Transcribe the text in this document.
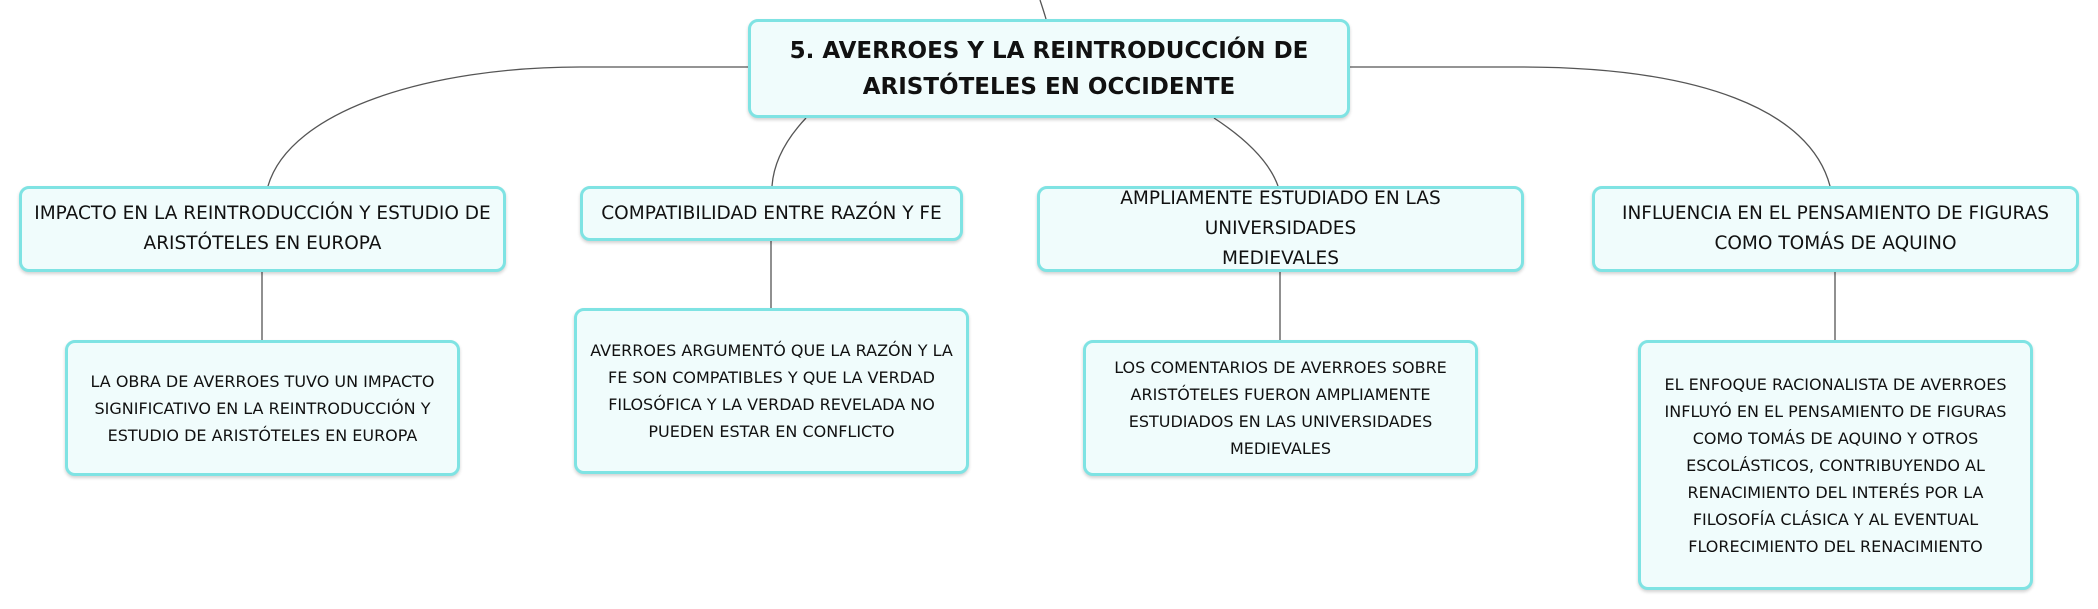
5. AVERROES Y LA REINTRODUCCIÓN DE
ARISTÓTELES EN OCCIDENTE
IMPACTO EN LA REINTRODUCCIÓN Y ESTUDIO DE
ARISTÓTELES EN EUROPA
COMPATIBILIDAD ENTRE RAZÓN Y FE
AMPLIAMENTE ESTUDIADO EN LAS UNIVERSIDADES
MEDIEVALES
INFLUENCIA EN EL PENSAMIENTO DE FIGURAS
COMO TOMÁS DE AQUINO
LA OBRA DE AVERROES TUVO UN IMPACTO
SIGNIFICATIVO EN LA REINTRODUCCIÓN Y
ESTUDIO DE ARISTÓTELES EN EUROPA
AVERROES ARGUMENTÓ QUE LA RAZÓN Y LA
FE SON COMPATIBLES Y QUE LA VERDAD
FILOSÓFICA Y LA VERDAD REVELADA NO
PUEDEN ESTAR EN CONFLICTO
LOS COMENTARIOS DE AVERROES SOBRE
ARISTÓTELES FUERON AMPLIAMENTE
ESTUDIADOS EN LAS UNIVERSIDADES
MEDIEVALES
EL ENFOQUE RACIONALISTA DE AVERROES
INFLUYÓ EN EL PENSAMIENTO DE FIGURAS
COMO TOMÁS DE AQUINO Y OTROS
ESCOLÁSTICOS, CONTRIBUYENDO AL
RENACIMIENTO DEL INTERÉS POR LA
FILOSOFÍA CLÁSICA Y AL EVENTUAL
FLORECIMIENTO DEL RENACIMIENTO
